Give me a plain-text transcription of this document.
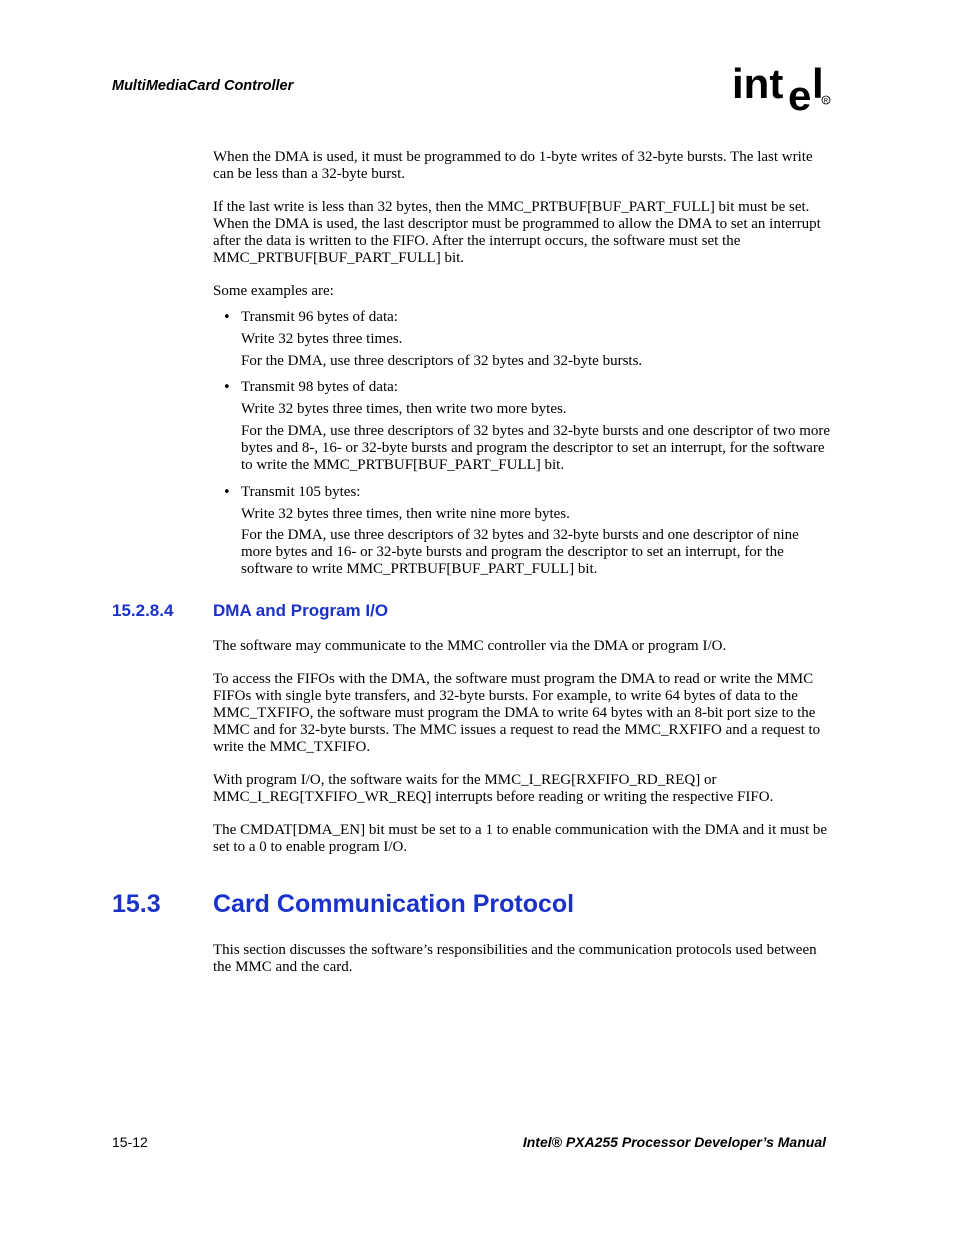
MultiMediaCard Controller	int e l R

When the DMA is used, it must be programmed to do 1-byte writes of 32-byte bursts. The last write can be less than a 32-byte burst.

If the last write is less than 32 bytes, then the MMC_PRTBUF[BUF_PART_FULL] bit must be set. When the DMA is used, the last descriptor must be programmed to allow the DMA to set an interrupt after the data is written to the FIFO. After the interrupt occurs, the software must set the MMC_PRTBUF[BUF_PART_FULL] bit.

Some examples are:

• Transmit 96 bytes of data:

Write 32 bytes three times.

For the DMA, use three descriptors of 32 bytes and 32-byte bursts.

• Transmit 98 bytes of data:

Write 32 bytes three times, then write two more bytes.

For the DMA, use three descriptors of 32 bytes and 32-byte bursts and one descriptor of two more bytes and 8-, 16- or 32-byte bursts and program the descriptor to set an interrupt, for the software to write the MMC_PRTBUF[BUF_PART_FULL] bit.

• Transmit 105 bytes:

Write 32 bytes three times, then write nine more bytes.

For the DMA, use three descriptors of 32 bytes and 32-byte bursts and one descriptor of nine more bytes and 16- or 32-byte bursts and program the descriptor to set an interrupt, for the software to write MMC_PRTBUF[BUF_PART_FULL] bit.

15.2.8.4 DMA and Program I/O

The software may communicate to the MMC controller via the DMA or program I/O.

To access the FIFOs with the DMA, the software must program the DMA to read or write the MMC FIFOs with single byte transfers, and 32-byte bursts. For example, to write 64 bytes of data to the MMC_TXFIFO, the software must program the DMA to write 64 bytes with an 8-bit port size to the MMC and for 32-byte bursts. The MMC issues a request to read the MMC_RXFIFO and a request to write the MMC_TXFIFO.

With program I/O, the software waits for the MMC_I_REG[RXFIFO_RD_REQ] or MMC_I_REG[TXFIFO_WR_REQ] interrupts before reading or writing the respective FIFO.

The CMDAT[DMA_EN] bit must be set to a 1 to enable communication with the DMA and it must be set to a 0 to enable program I/O.

15.3 Card Communication Protocol

This section discusses the software’s responsibilities and the communication protocols used between the MMC and the card.

15-12	Intel® PXA255 Processor Developer’s Manual
